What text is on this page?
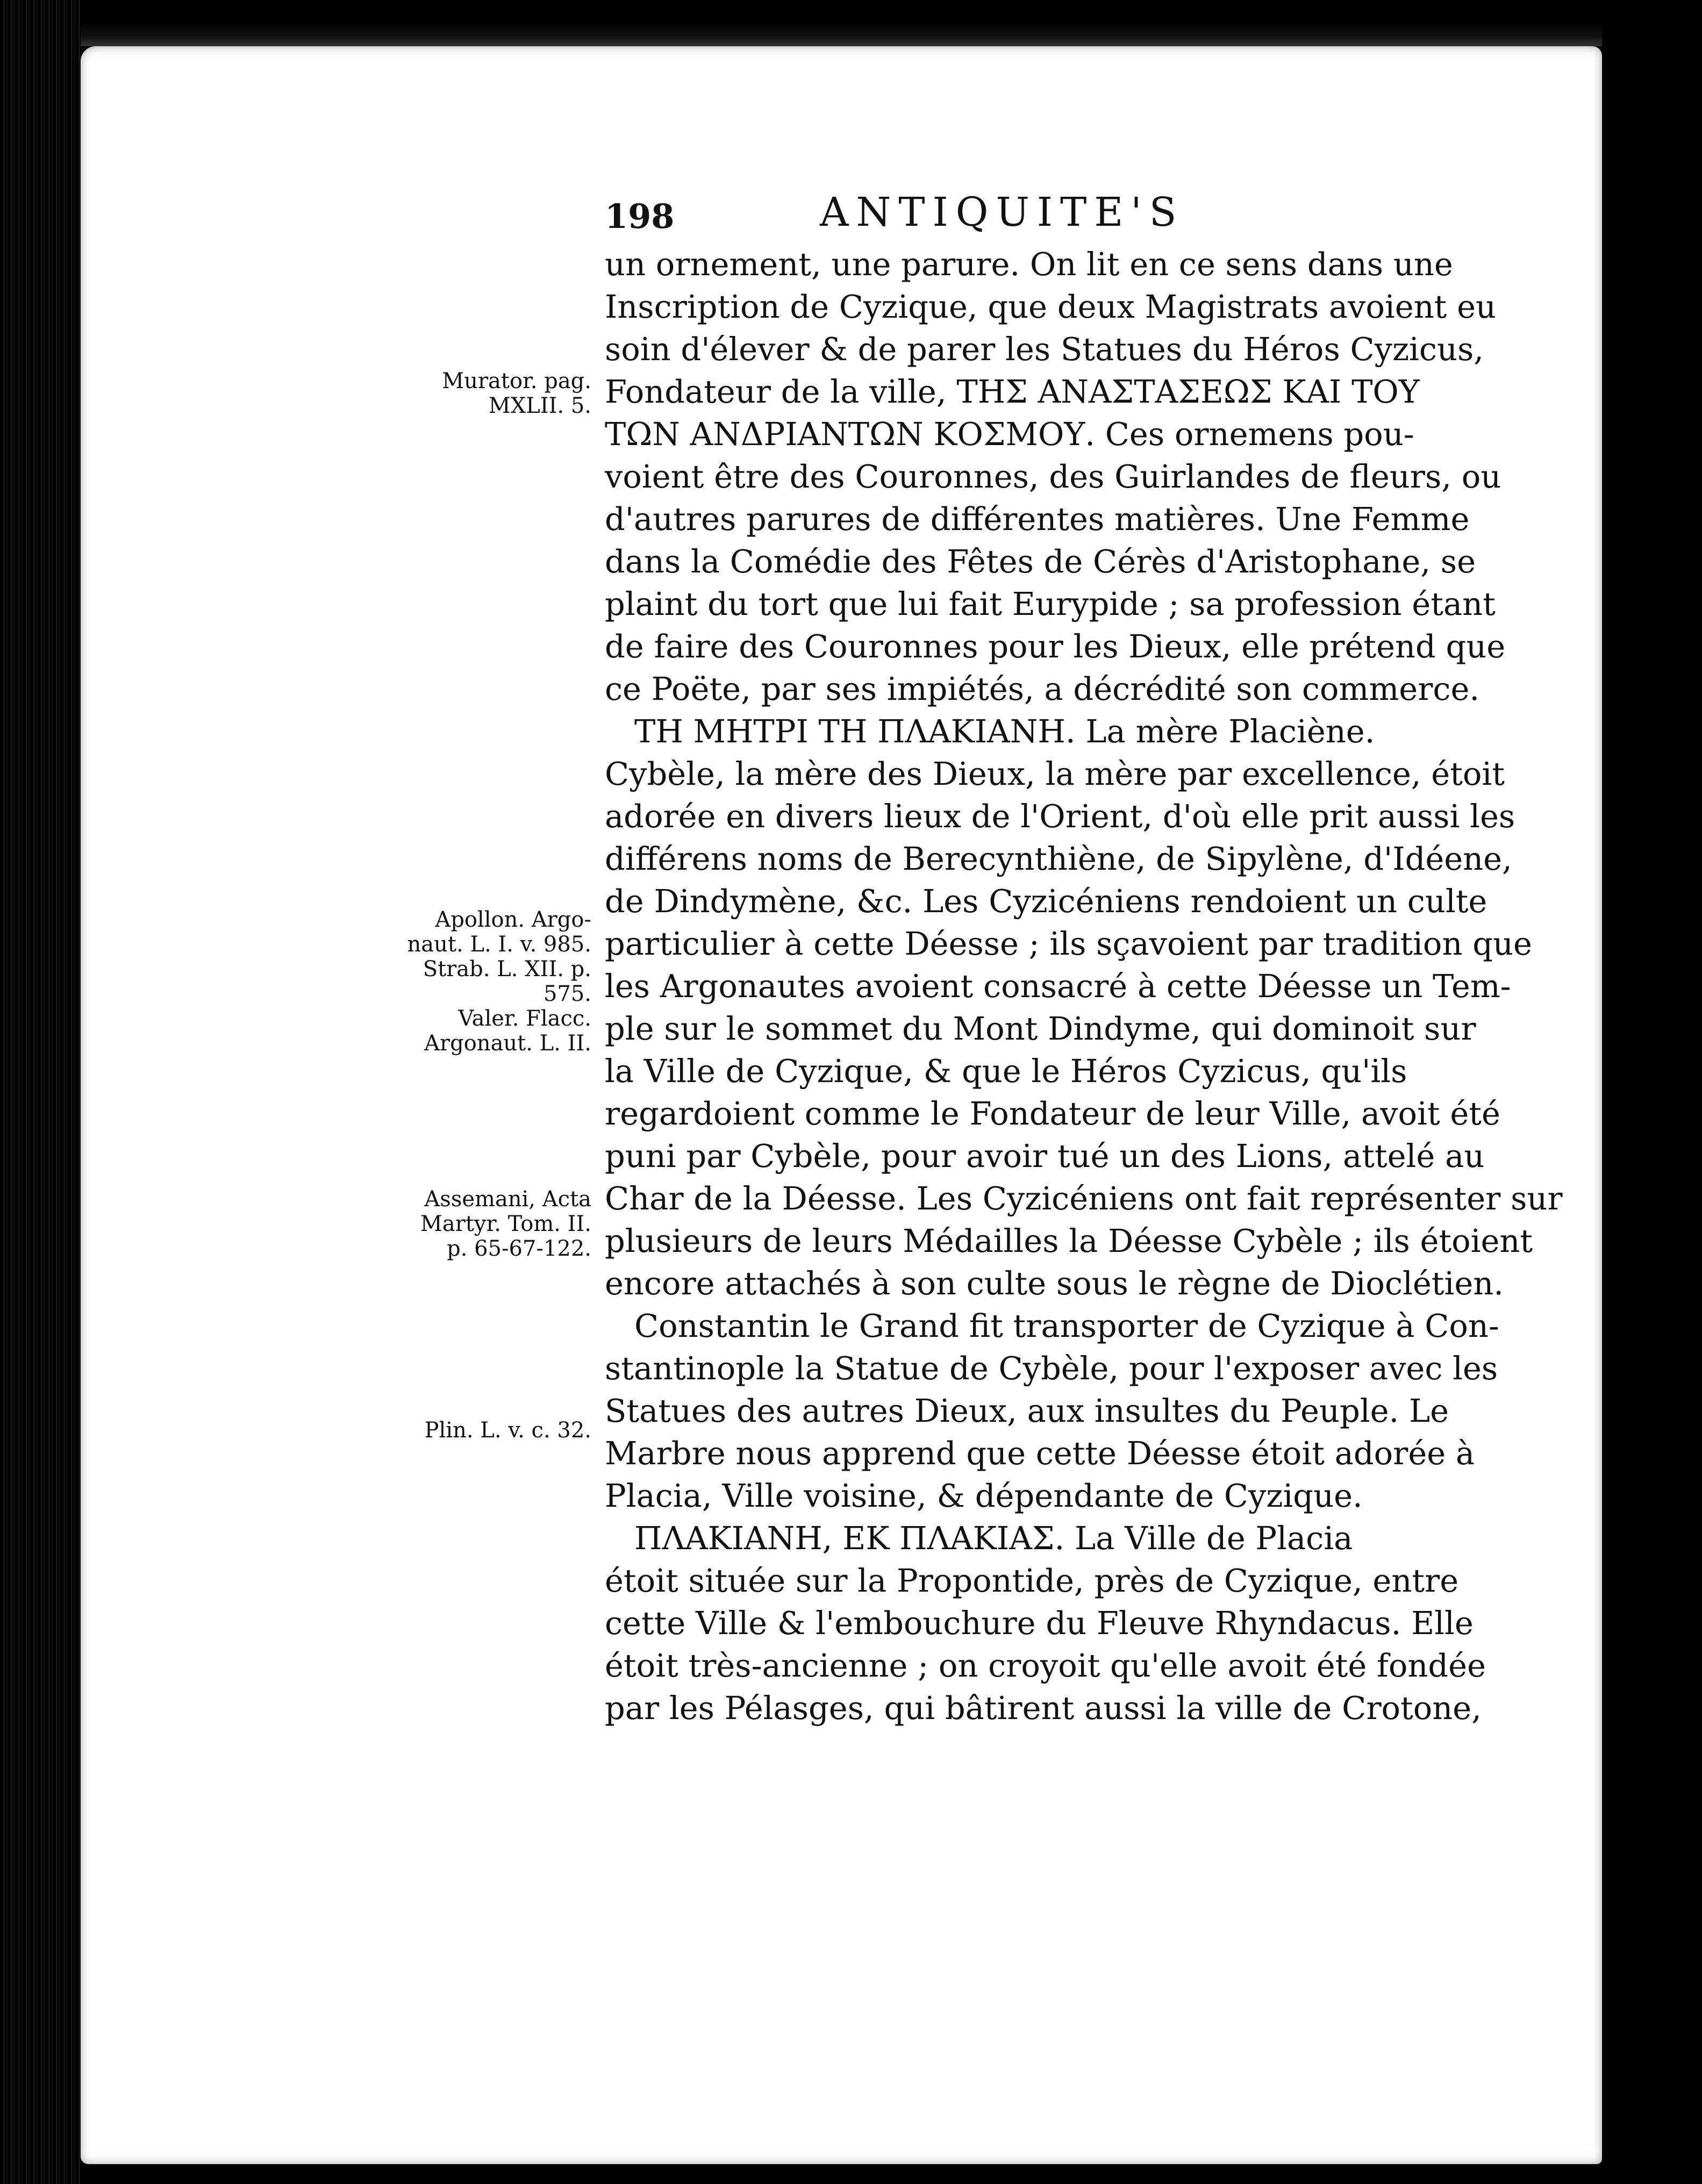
198	ANTIQUITE'S
Murator. pag.
MXLII. 5.
Apollon. Argo-
naut. L. I. v. 985.
Strab. L. XII. p.
575.
Valer. Flacc.
Argonaut. L. II.
Assemani, Acta
Martyr. Tom. II.
p. 65-67-122.
Plin. L. v. c. 32.
un ornement, une parure. On lit en ce sens dans une
Inscription de Cyzique, que deux Magistrats avoient eu
soin d'élever & de parer les Statues du Héros Cyzicus,
Fondateur de la ville, ΤΗΣ ΑΝΑΣΤΑΣΕΩΣ ΚΑΙ ΤΟΥ
ΤΩΝ ΑΝΔΡΙΑΝΤΩΝ ΚΟΣΜΟΥ. Ces ornemens pou-
voient être des Couronnes, des Guirlandes de fleurs, ou
d'autres parures de différentes matières. Une Femme
dans la Comédie des Fêtes de Cérès d'Aristophane, se
plaint du tort que lui fait Eurypide ; sa profession étant
de faire des Couronnes pour les Dieux, elle prétend que
ce Poëte, par ses impiétés, a décrédité son commerce.
ΤΗ ΜΗΤΡΙ ΤΗ ΠΛΑΚΙΑΝΗ. La mère Placiène.
Cybèle, la mère des Dieux, la mère par excellence, étoit
adorée en divers lieux de l'Orient, d'où elle prit aussi les
différens noms de Berecynthiène, de Sipylène, d'Idéene,
de Dindymène, &c. Les Cyzicéniens rendoient un culte
particulier à cette Déesse ; ils sçavoient par tradition que
les Argonautes avoient consacré à cette Déesse un Tem-
ple sur le sommet du Mont Dindyme, qui dominoit sur
la Ville de Cyzique, & que le Héros Cyzicus, qu'ils
regardoient comme le Fondateur de leur Ville, avoit été
puni par Cybèle, pour avoir tué un des Lions, attelé au
Char de la Déesse. Les Cyzicéniens ont fait représenter sur
plusieurs de leurs Médailles la Déesse Cybèle ; ils étoient
encore attachés à son culte sous le règne de Dioclétien.
Constantin le Grand fit transporter de Cyzique à Con-
stantinople la Statue de Cybèle, pour l'exposer avec les
Statues des autres Dieux, aux insultes du Peuple. Le
Marbre nous apprend que cette Déesse étoit adorée à
Placia, Ville voisine, & dépendante de Cyzique.
ΠΛΑΚΙΑΝΗ, ΕΚ ΠΛΑΚΙΑΣ. La Ville de Placia
étoit située sur la Propontide, près de Cyzique, entre
cette Ville & l'embouchure du Fleuve Rhyndacus. Elle
étoit très-ancienne ; on croyoit qu'elle avoit été fondée
par les Pélasges, qui bâtirent aussi la ville de Crotone,
